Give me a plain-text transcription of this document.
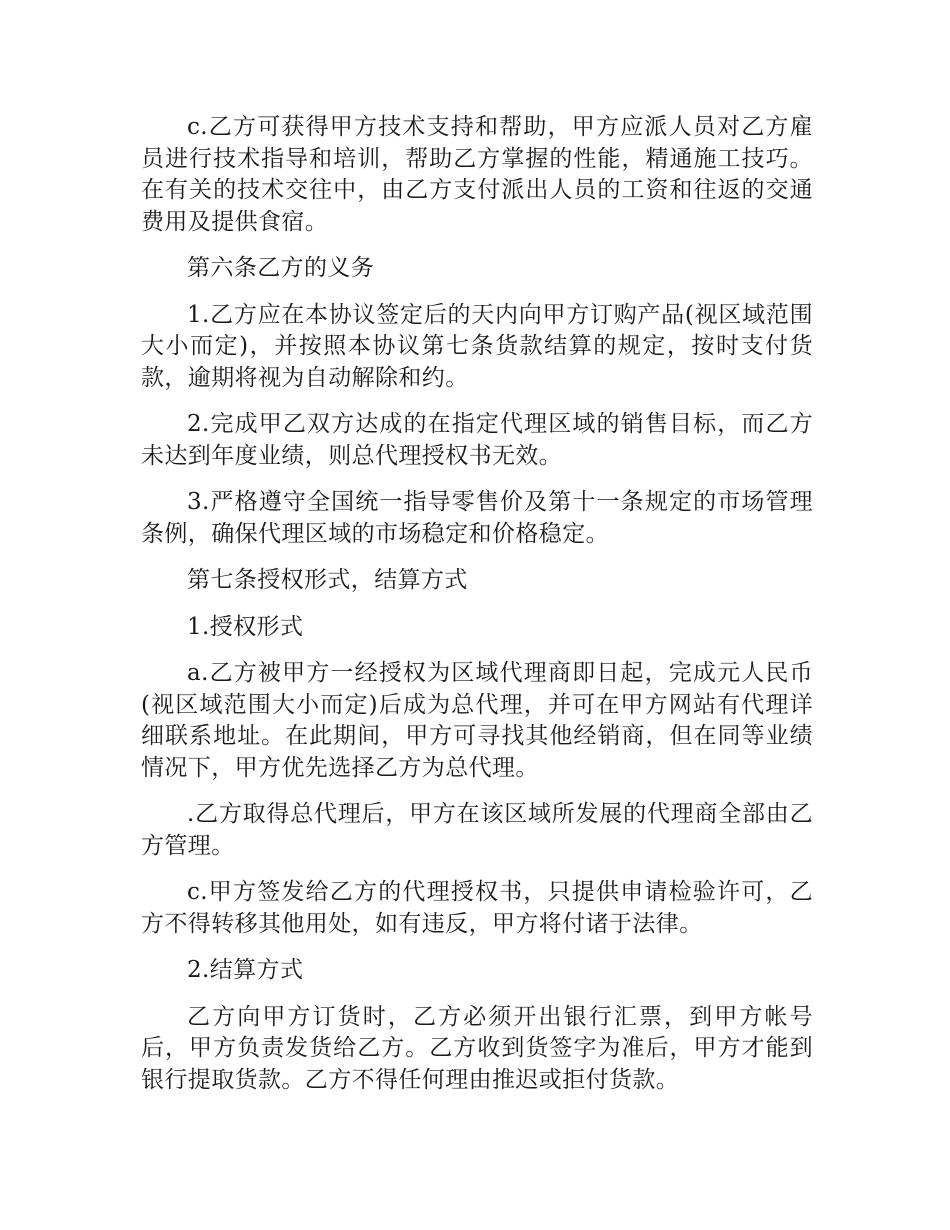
c.乙方可获得甲方技术支持和帮助，甲方应派人员对乙方雇员进行技术指导和培训，帮助乙方掌握的性能，精通施工技巧。在有关的技术交往中，由乙方支付派出人员的工资和往返的交通费用及提供食宿。

第六条乙方的义务

1.乙方应在本协议签定后的天内向甲方订购产品(视区域范围大小而定)，并按照本协议第七条货款结算的规定，按时支付货款，逾期将视为自动解除和约。

2.完成甲乙双方达成的在指定代理区域的销售目标，而乙方未达到年度业绩，则总代理授权书无效。

3.严格遵守全国统一指导零售价及第十一条规定的市场管理条例，确保代理区域的市场稳定和价格稳定。

第七条授权形式，结算方式

1.授权形式

a.乙方被甲方一经授权为区域代理商即日起，完成元人民币(视区域范围大小而定)后成为总代理，并可在甲方网站有代理详细联系地址。在此期间，甲方可寻找其他经销商，但在同等业绩情况下，甲方优先选择乙方为总代理。

.乙方取得总代理后，甲方在该区域所发展的代理商全部由乙方管理。

c.甲方签发给乙方的代理授权书，只提供申请检验许可，乙方不得转移其他用处，如有违反，甲方将付诸于法律。

2.结算方式

乙方向甲方订货时，乙方必须开出银行汇票，到甲方帐号后，甲方负责发货给乙方。乙方收到货签字为准后，甲方才能到银行提取货款。乙方不得任何理由推迟或拒付货款。
